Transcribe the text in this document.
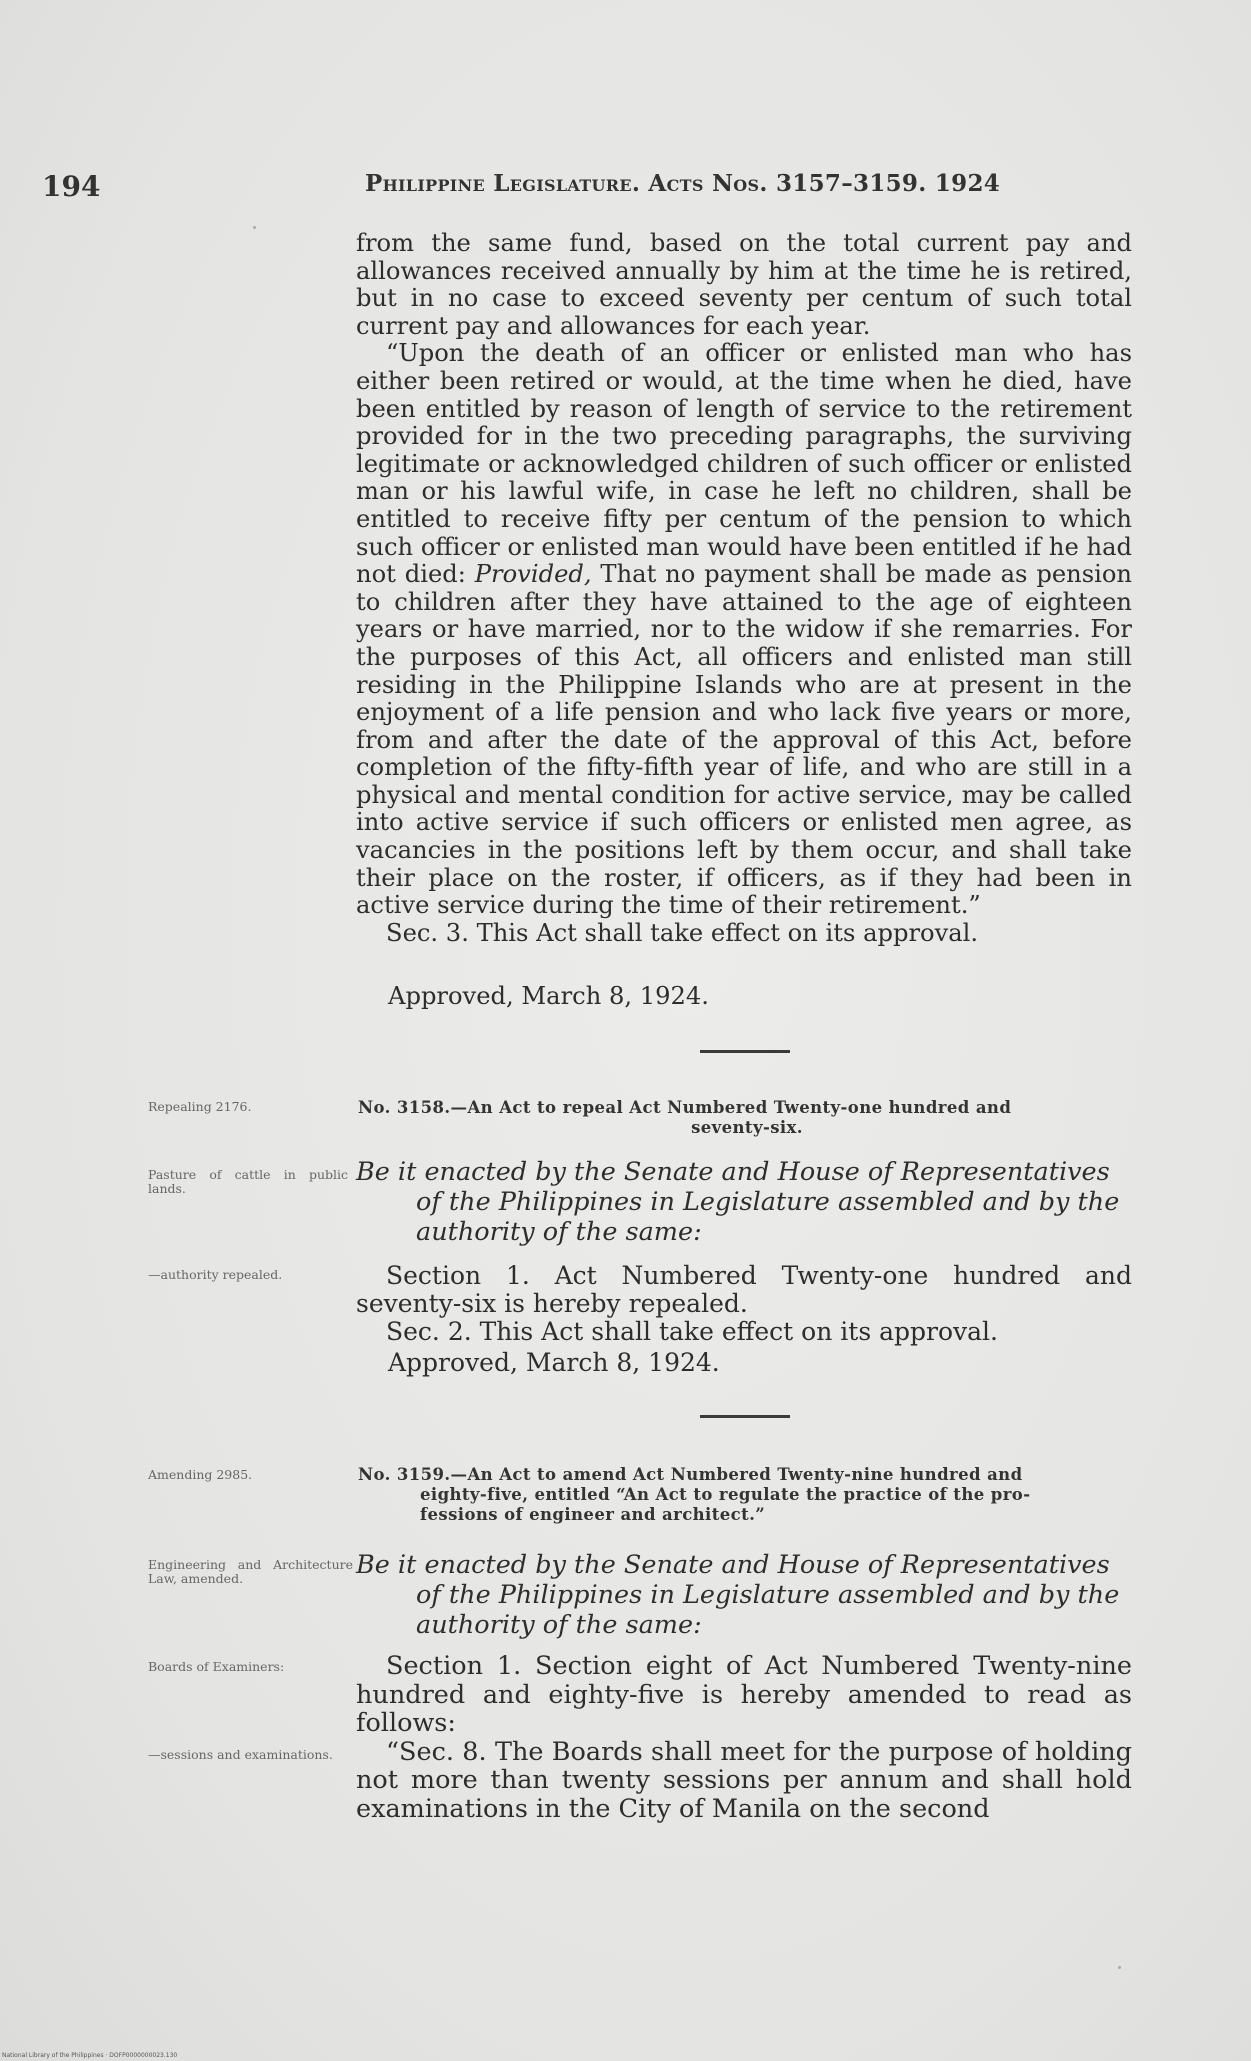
194	Philippine Legislature. Acts Nos. 3157–3159. 1924

from the same fund, based on the total current pay and allowances received annually by him at the time he is retired, but in no case to exceed seventy per centum of such total current pay and allowances for each year.

“Upon the death of an officer or enlisted man who has either been retired or would, at the time when he died, have been entitled by reason of length of service to the retirement provided for in the two preceding paragraphs, the surviving legitimate or acknowledged children of such officer or enlisted man or his lawful wife, in case he left no children, shall be entitled to receive fifty per centum of the pension to which such officer or enlisted man would have been entitled if he had not died: Provided, That no payment shall be made as pension to children after they have attained to the age of eighteen years or have married, nor to the widow if she remarries. For the purposes of this Act, all officers and enlisted man still residing in the Philippine Islands who are at present in the enjoyment of a life pension and who lack five years or more, from and after the date of the approval of this Act, before completion of the fifty-fifth year of life, and who are still in a physical and mental condition for active service, may be called into active service if such officers or enlisted men agree, as vacancies in the positions left by them occur, and shall take their place on the roster, if officers, as if they had been in active service during the time of their retirement.”

Sec. 3. This Act shall take effect on its approval.

Approved, March 8, 1924.
Repealing 2176.	No. 3158.—An Act to repeal Act Numbered Twenty-one hundred and
seventy-six.
Pasture of cattle in public lands.
Be it enacted by the Senate and House of Representatives
of the Philippines in Legislature assembled and by the
authority of the same:
—authority repealed.	Section 1. Act Numbered Twenty-one hundred and seventy-six is hereby repealed.

Sec. 2. This Act shall take effect on its approval.

Approved, March 8, 1924.
Amending 2985.	No. 3159.—An Act to amend Act Numbered Twenty-nine hundred and
eighty-five, entitled “An Act to regulate the practice of the pro-
fessions of engineer and architect.”
Engineering and Architecture Law, amended.	Be it enacted by the Senate and House of Representatives
of the Philippines in Legislature assembled and by the
authority of the same:
Boards of Examiners:	Section 1. Section eight of Act Numbered Twenty-nine hundred and eighty-five is hereby amended to read as follows:

“Sec. 8. The Boards shall meet for the purpose of holding not more than twenty sessions per annum and shall hold examinations in the City of Manila on the second

—sessions and examinations.
National Library of the Philippines · DOFP0000000023.130
